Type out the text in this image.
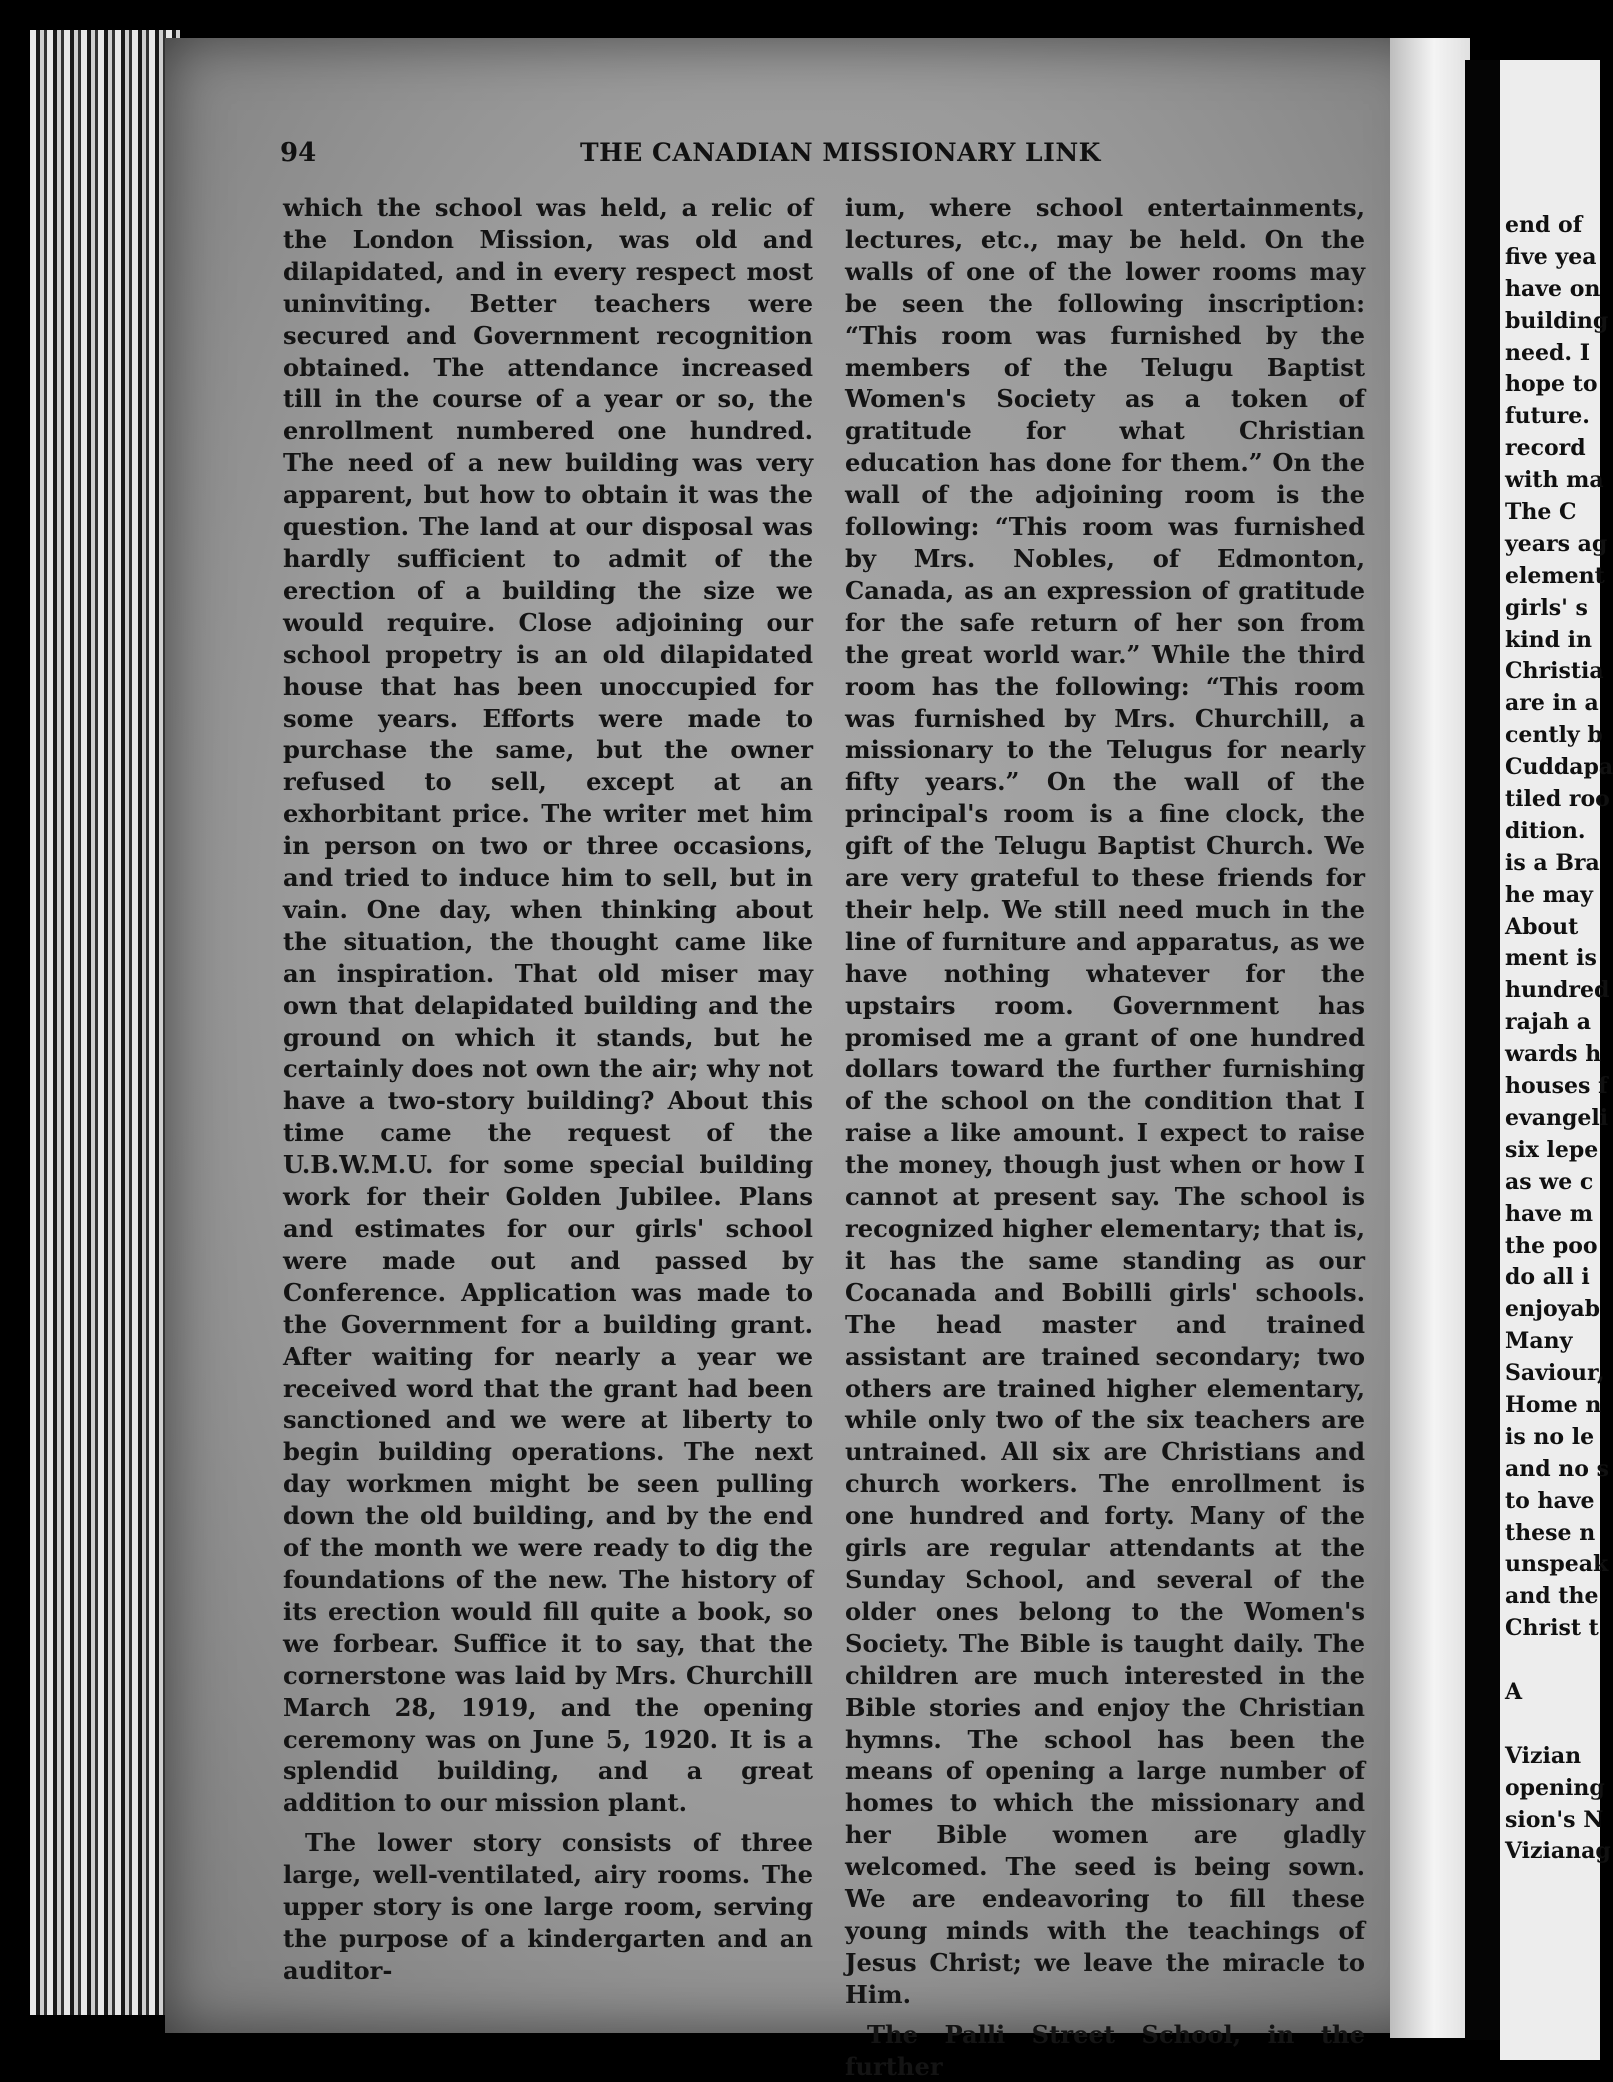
94	THE CANADIAN MISSIONARY LINK

which the school was held, a relic of the London Mission, was old and dilapidated, and in every respect most uninviting. Better teachers were secured and Government recognition obtained. The attendance increased till in the course of a year or so, the enrollment numbered one hundred. The need of a new building was very apparent, but how to obtain it was the question. The land at our disposal was hardly sufficient to admit of the erection of a building the size we would require. Close adjoining our school propetry is an old dilapidated house that has been unoccupied for some years. Efforts were made to purchase the same, but the owner refused to sell, except at an exhorbitant price. The writer met him in person on two or three occasions, and tried to induce him to sell, but in vain. One day, when thinking about the situation, the thought came like an inspiration. That old miser may own that delapidated building and the ground on which it stands, but he certainly does not own the air; why not have a two-story building? About this time came the request of the U.B.W.M.U. for some special building work for their Golden Jubilee. Plans and estimates for our girls' school were made out and passed by Conference. Application was made to the Government for a building grant. After waiting for nearly a year we received word that the grant had been sanctioned and we were at liberty to begin building operations. The next day workmen might be seen pulling down the old building, and by the end of the month we were ready to dig the foundations of the new. The history of its erection would fill quite a book, so we forbear. Suffice it to say, that the cornerstone was laid by Mrs. Churchill March 28, 1919, and the opening ceremony was on June 5, 1920. It is a splendid building, and a great addition to our mission plant.

The lower story consists of three large, well-ventilated, airy rooms. The upper story is one large room, serving the purpose of a kindergarten and an auditor-

ium, where school entertainments, lectures, etc., may be held. On the walls of one of the lower rooms may be seen the following inscription: “This room was furnished by the members of the Telugu Baptist Women's Society as a token of gratitude for what Christian education has done for them.” On the wall of the adjoining room is the following: “This room was furnished by Mrs. Nobles, of Edmonton, Canada, as an expression of gratitude for the safe return of her son from the great world war.” While the third room has the following: “This room was furnished by Mrs. Churchill, a missionary to the Telugus for nearly fifty years.” On the wall of the principal's room is a fine clock, the gift of the Telugu Baptist Church. We are very grateful to these friends for their help. We still need much in the line of furniture and apparatus, as we have nothing whatever for the upstairs room. Government has promised me a grant of one hundred dollars toward the further furnishing of the school on the condition that I raise a like amount. I expect to raise the money, though just when or how I cannot at present say. The school is recognized higher elementary; that is, it has the same standing as our Cocanada and Bobilli girls' schools. The head master and trained assistant are trained secondary; two others are trained higher elementary, while only two of the six teachers are untrained. All six are Christians and church workers. The enrollment is one hundred and forty. Many of the girls are regular attendants at the Sunday School, and several of the older ones belong to the Women's Society. The Bible is taught daily. The children are much interested in the Bible stories and enjoy the Christian hymns. The school has been the means of opening a large number of homes to which the missionary and her Bible women are gladly welcomed. The seed is being sown. We are endeavoring to fill these young minds with the teachings of Jesus Christ; we leave the miracle to Him.

The Palli Street School, in the further

end of
five yea
have on
building
need. I
hope to
future.
record
with ma
The C
years ag
element
girls' s
kind in
Christia
are in a
cently b
Cuddapa
tiled roo
dition.
is a Bra
he may
About
ment is
hundred
rajah a
wards h
houses f
evangeli
six lepe
as we c
have m
the poo
do all i
enjoyab
Many
Saviour,
Home n
is no le
and no s
to have
these n
unspeak
and the
Christ t
A
Vizian
opening
sion's N
Vizianag
